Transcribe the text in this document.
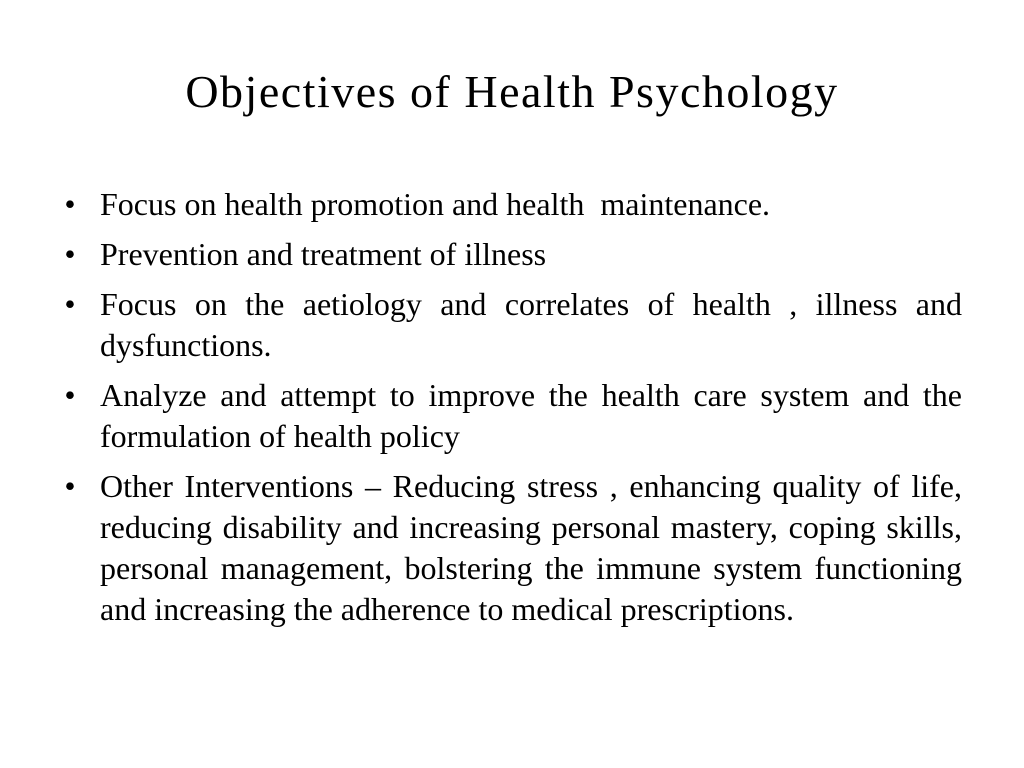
Objectives of Health Psychology
• Focus on health promotion and health  maintenance.
• Prevention and treatment of illness
• Focus on the aetiology and correlates of health , illness and dysfunctions.
• Analyze and attempt to improve the health care system and the formulation of health policy
• Other Interventions – Reducing stress , enhancing quality of life, reducing disability and increasing personal mastery, coping skills, personal management, bolstering the immune system functioning and increasing the adherence to medical prescriptions.
